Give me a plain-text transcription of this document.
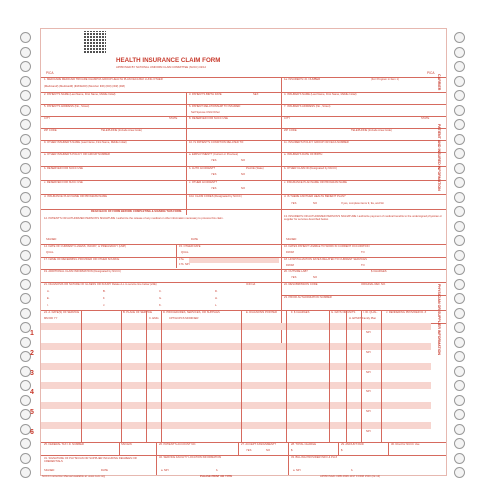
HEALTH INSURANCE CLAIM FORM
APPROVED BY NATIONAL UNIFORM CLAIM COMMITTEE (NUCC) 02/12
PICA	PICA
1. MEDICARE MEDICAID TRICARE CHAMPVA GROUP HEALTH PLAN FECA BLK LUNG OTHER
(Medicare#) (Medicaid#) (ID#/DoD#) (Member ID#) (ID#) (ID#) (ID#)
1a. INSURED'S I.D. NUMBER	(For Program in Item 1)
2. PATIENT'S NAME (Last Name, First Name, Middle Initial)	3. PATIENT'S BIRTH DATE	SEX	4. INSURED'S NAME (Last Name, First Name, Middle Initial)
5. PATIENT'S ADDRESS (No., Street)	6. PATIENT RELATIONSHIP TO INSURED
Self Spouse Child Other
7. INSURED'S ADDRESS (No., Street)
CITY	STATE	8. RESERVED FOR NUCC USE	CITY	STATE
ZIP CODE	TELEPHONE (Include Area Code)	ZIP CODE	TELEPHONE (Include Area Code)
9. OTHER INSURED'S NAME (Last Name, First Name, Middle Initial)	10. IS PATIENT'S CONDITION RELATED TO:	11. INSURED'S POLICY GROUP OR FECA NUMBER
a. OTHER INSURED'S POLICY OR GROUP NUMBER	a. EMPLOYMENT? (Current or Previous)
YES	NO
a. INSURED'S DATE OF BIRTH
b. RESERVED FOR NUCC USE	b. AUTO ACCIDENT?	PLACE (State)
YES	NO
b. OTHER CLAIM ID (Designated by NUCC)
c. RESERVED FOR NUCC USE	c. OTHER ACCIDENT?
YES	NO
c. INSURANCE PLAN NAME OR PROGRAM NAME
d. INSURANCE PLAN NAME OR PROGRAM NAME	10d. CLAIM CODES (Designated by NUCC)	d. IS THERE ANOTHER HEALTH BENEFIT PLAN?
YES	NO	If yes, complete items 9, 9a, and 9d.
READ BACK OF FORM BEFORE COMPLETING & SIGNING THIS FORM.
12. PATIENT'S OR AUTHORIZED PERSON'S SIGNATURE I authorize the release of any medical or other information necessary to process this claim.
13. INSURED'S OR AUTHORIZED PERSON'S SIGNATURE I authorize payment of medical benefits to the undersigned physician or supplier for services described below.
SIGNED	DATE	SIGNED
14. DATE OF CURRENT ILLNESS, INJURY, or PREGNANCY (LMP)
QUAL.
15. OTHER DATE
QUAL.
16. DATES PATIENT UNABLE TO WORK IN CURRENT OCCUPATION
FROM	TO
17. NAME OF REFERRING PROVIDER OR OTHER SOURCE	17a.
17b. NPI
18. HOSPITALIZATION DATES RELATED TO CURRENT SERVICES
FROM	TO
19. ADDITIONAL CLAIM INFORMATION (Designated by NUCC)	20. OUTSIDE LAB?	$ CHARGES
YES	NO
21. DIAGNOSIS OR NATURE OF ILLNESS OR INJURY Relate A-L to service line below (24E)	ICD Ind.	22. RESUBMISSION CODE	ORIGINAL REF. NO.
A.	B.	C.	D.
E.	F.	G.	H.	23. PRIOR AUTHORIZATION NUMBER
I.	J.	K.	L.
24. A. DATE(S) OF SERVICE
MM DD YY
B. PLACE OF SERVICE
C. EMG
D. PROCEDURES, SERVICES, OR SUPPLIES
CPT/HCPCS MODIFIER
E. DIAGNOSIS POINTER	F. $ CHARGES	G. DAYS OR UNITS
H. EPSDT Family Plan
I. ID. QUAL.	J. RENDERING PROVIDER ID. #
1	NPI
2	NPI
3	NPI
4	NPI
5	NPI
6	NPI
25. FEDERAL TAX I.D. NUMBER	SSN EIN	26. PATIENT'S ACCOUNT NO.	27. ACCEPT ASSIGNMENT?
YES	NO
28. TOTAL CHARGE
$
29. AMOUNT PAID
$
30. Rsvd for NUCC Use
31. SIGNATURE OF PHYSICIAN OR SUPPLIER INCLUDING DEGREES OR CREDENTIALS
32. SERVICE FACILITY LOCATION INFORMATION	33. BILLING PROVIDER INFO & PH #
SIGNED	DATE	a. NPI	b.	a. NPI	b.
CARRIER
PATIENT AND INSURED INFORMATION
PHYSICIAN OR SUPPLIER INFORMATION
NUCC Instruction Manual available at: www.nucc.org	PLEASE PRINT OR TYPE	APPROVED OMB-0938-1197 FORM 1500 (02-12)
